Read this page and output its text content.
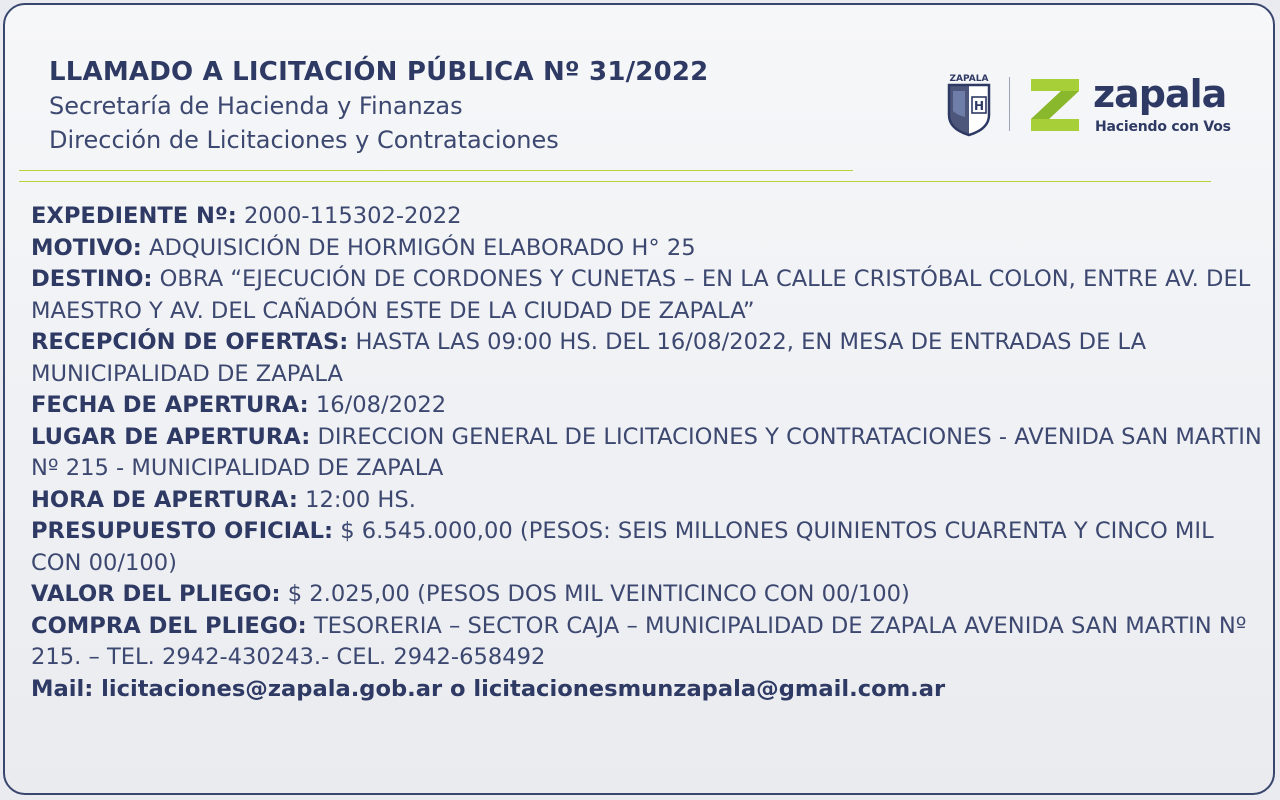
LLAMADO A LICITACIÓN PÚBLICA Nº 31/2022
Secretaría de Hacienda y Finanzas
Dirección de Licitaciones y Contrataciones
H
ZAPALA	zapala
Haciendo con Vos
EXPEDIENTE Nº: 2000-115302-2022
MOTIVO: ADQUISICIÓN DE HORMIGÓN ELABORADO H° 25
DESTINO: OBRA “EJECUCIÓN DE CORDONES Y CUNETAS – EN LA CALLE CRISTÓBAL COLON, ENTRE AV. DEL MAESTRO Y AV. DEL CAÑADÓN ESTE DE LA CIUDAD DE ZAPALA”
RECEPCIÓN DE OFERTAS: HASTA LAS 09:00 HS. DEL 16/08/2022, EN MESA DE ENTRADAS DE LA MUNICIPALIDAD DE ZAPALA
FECHA DE APERTURA: 16/08/2022
LUGAR DE APERTURA: DIRECCION GENERAL DE LICITACIONES Y CONTRATACIONES - AVENIDA SAN MARTIN Nº 215 - MUNICIPALIDAD DE ZAPALA
HORA DE APERTURA: 12:00 HS.
PRESUPUESTO OFICIAL: $ 6.545.000,00 (PESOS: SEIS MILLONES QUINIENTOS CUARENTA Y CINCO MIL CON 00/100)
VALOR DEL PLIEGO: $ 2.025,00 (PESOS DOS MIL VEINTICINCO CON 00/100)
COMPRA DEL PLIEGO: TESORERIA – SECTOR CAJA – MUNICIPALIDAD DE ZAPALA AVENIDA SAN MARTIN Nº 215. – TEL. 2942-430243.- CEL. 2942-658492
Mail: licitaciones@zapala.gob.ar o licitacionesmunzapala@gmail.com.ar
